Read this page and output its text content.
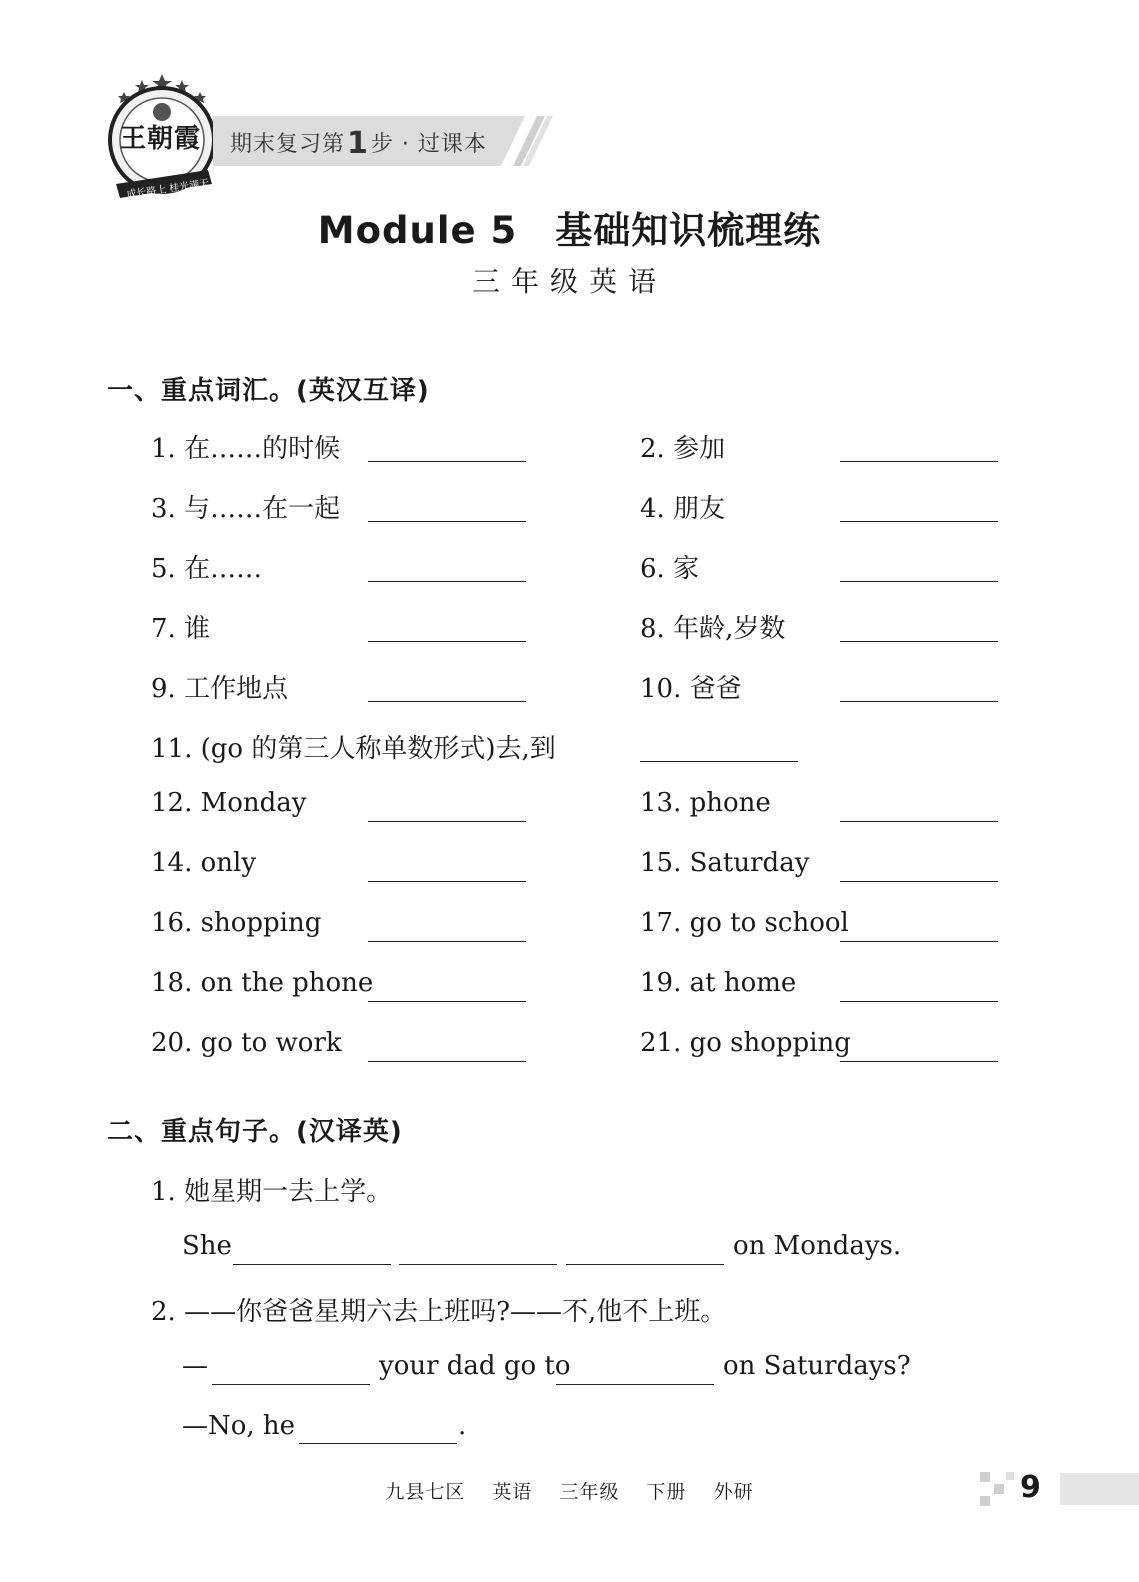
王朝霞
成长路上 桂光满天
期末复习第1步 · 过课本
Module 5　基础知识梳理练
三年级英语
一、重点词汇。(英汉互译)
1. 在……的时候	2. 参加
3. 与……在一起	4. 朋友
5. 在……	6. 家
7. 谁	8. 年龄,岁数
9. 工作地点	10. 爸爸
11. (go 的第三人称单数形式)去,到
12. Monday	13. phone
14. only	15. Saturday
16. shopping	17. go to school
18. on the phone	19. at home
20. go to work	21. go shopping
二、重点句子。(汉译英)
1. 她星期一去上学。
She	on Mondays.
2. ——你爸爸星期六去上班吗?——不,他不上班。
—	your dad go to	on Saturdays?
—No, he	.
九县七区 英语 三年级 下册 外研	9
